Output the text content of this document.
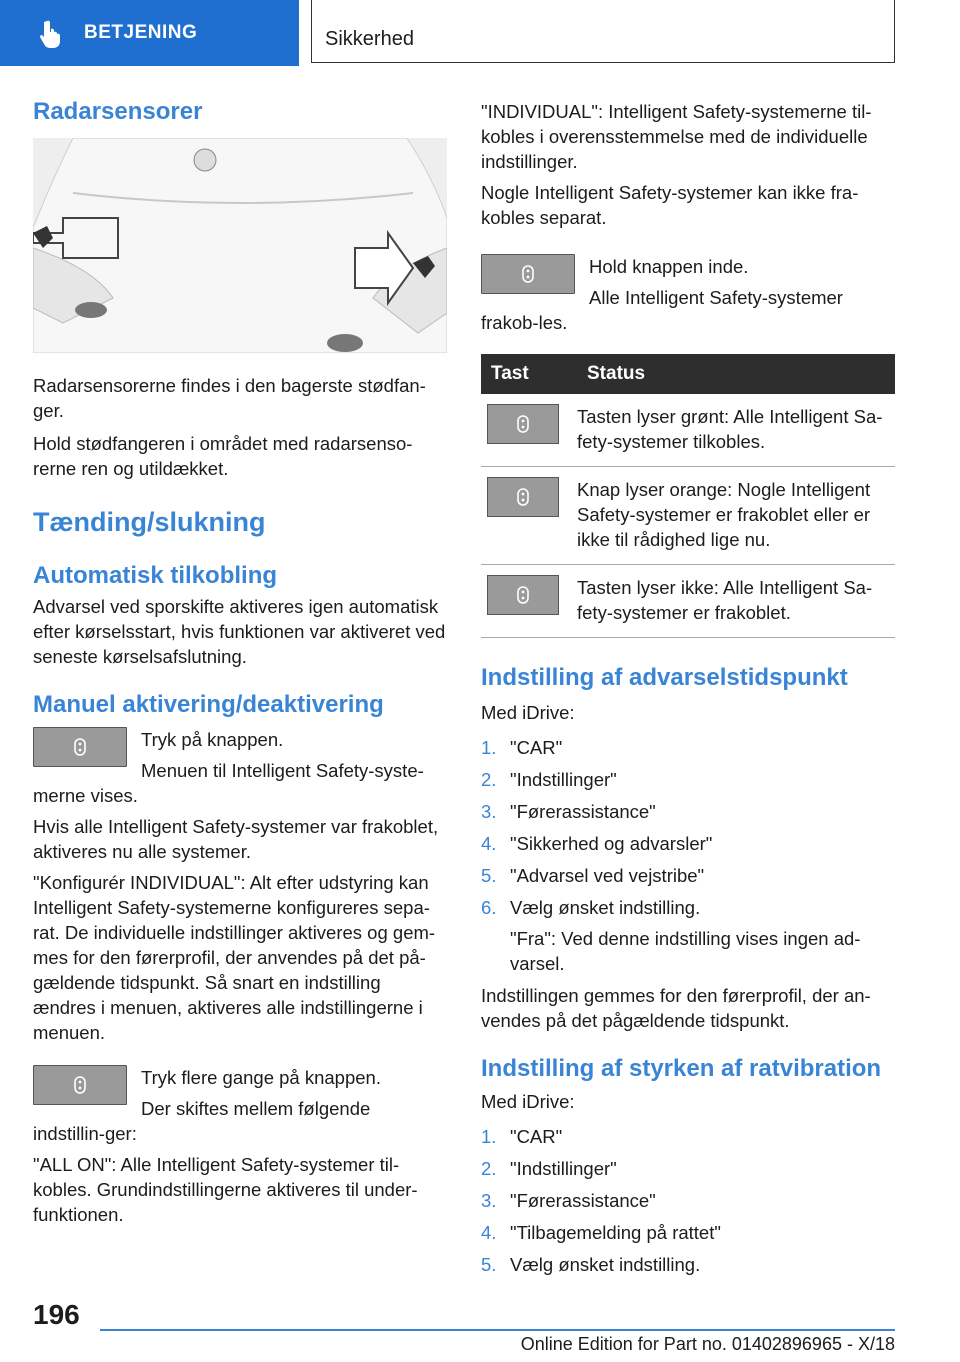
BETJENING	Sikkerhed
Radarsensorer

Radarsensorerne findes i den bagerste stødfan-ger.

Hold stødfangeren i området med radarsenso-rerne ren og utildækket.

Tænding/slukning
Automatisk tilkobling

Advarsel ved sporskifte aktiveres igen automatisk efter kørselsstart, hvis funktionen var aktiveret ved seneste kørselsafslutning.

Manuel aktivering/deaktivering

Tryk på knappen.

Menuen til Intelligent Safety-syste-merne vises.

Hvis alle Intelligent Safety-systemer var frakoblet, aktiveres nu alle systemer.

"Konfigurér INDIVIDUAL": Alt efter udstyring kan Intelligent Safety-systemerne konfigureres sepa-rat. De individuelle indstillinger aktiveres og gem-mes for den førerprofil, der anvendes på det på-gældende tidspunkt. Så snart en indstilling ændres i menuen, aktiveres alle indstillingerne i menuen.

Tryk flere gange på knappen.

Der skiftes mellem følgende indstillin-ger:

"ALL ON": Alle Intelligent Safety-systemer til-kobles. Grundindstillingerne aktiveres til under-funktionen.

"INDIVIDUAL": Intelligent Safety-systemerne til-kobles i overensstemmelse med de individuelle indstillinger.

Nogle Intelligent Safety-systemer kan ikke fra-kobles separat.

Hold knappen inde.

Alle Intelligent Safety-systemer frakob-les.

Tast	Status

	Tasten lyser grønt: Alle Intelligent Sa-fety-systemer tilkobles.

	Knap lyser orange: Nogle Intelligent Safety-systemer er frakoblet eller er ikke til rådighed lige nu.

	Tasten lyser ikke: Alle Intelligent Sa-fety-systemer er frakoblet.
Indstilling af advarselstidspunkt

Med iDrive:

1. "CAR"
2. "Indstillinger"
3. "Førerassistance"
4. "Sikkerhed og advarsler"
5. "Advarsel ved vejstribe"
6. Vælg ønsket indstilling.
"Fra": Ved denne indstilling vises ingen ad-varsel.

Indstillingen gemmes for den førerprofil, der an-vendes på det pågældende tidspunkt.

Indstilling af styrken af ratvibration

Med iDrive:

1. "CAR"
2. "Indstillinger"
3. "Førerassistance"
4. "Tilbagemelding på rattet"
5. Vælg ønsket indstilling.
196
Online Edition for Part no. 01402896965 - X/18
